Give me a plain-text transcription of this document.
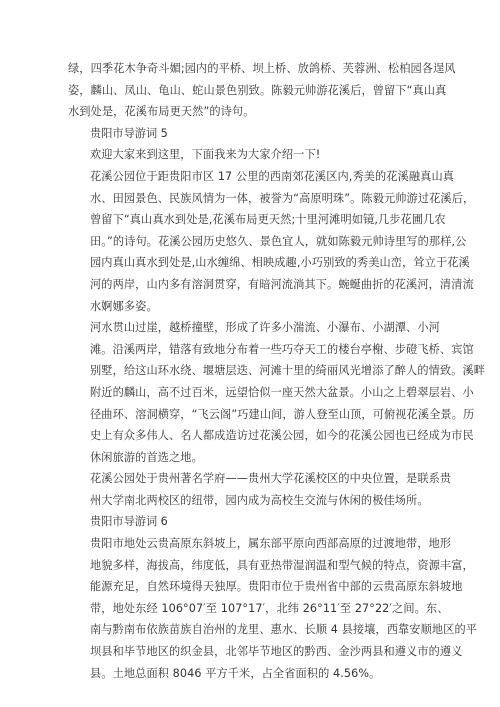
绿，四季花木争奇斗媚;园内的平桥、坝上桥、放鸽桥、芙蓉洲、松柏园各逞风
姿，麟山、凤山、龟山、蛇山景色别致。陈毅元帅游花溪后，曾留下“真山真
水到处是，花溪布局更天然”的诗句。
贵阳市导游词 5
欢迎大家来到这里，下面我来为大家介绍一下!
花溪公园位于距贵阳市区 17 公里的西南郊花溪区内,秀美的花溪融真山真
水、田园景色、民族风情为一体，被誉为“高原明珠”。陈毅元帅游过花溪后，
曾留下“真山真水到处是,花溪布局更天然;十里河滩明如镜,几步花圃几农
田。”的诗句。花溪公园历史悠久、景色宜人，就如陈毅元帅诗里写的那样,公
园内真山真水到处是,山水缠绵、相映成趣,小巧别致的秀美山峦，耸立于花溪
河的两岸，山内多有溶洞贯穿，有暗河流淌其下。蜿蜒曲折的花溪河，清清流
水婀娜多姿。
河水贯山过崖，越桥撞壁，形成了许多小湍流、小瀑布、小湖潭、小河
滩。沿溪两岸，错落有致地分布着一些巧夺天工的楼台亭榭、步磴飞桥、宾馆
别墅，给这山环水绕、堰塘层迭、河滩十里的绮丽风光增添了醉人的情致。溪畔
附近的麟山，高不过百米，远望恰似一座天然大盆景。小山之上碧翠层岩、小
径曲环、溶洞横穿，“飞云阁”巧建山间，游人登至山顶，可俯视花溪全景。历
史上有众多伟人、名人都成造访过花溪公园，如今的花溪公园也已经成为市民
休闲旅游的首选之地。
花溪公园处于贵州著名学府——贵州大学花溪校区的中央位置，是联系贵
州大学南北两校区的纽带，园内成为高校生交流与休闲的极佳场所。
贵阳市导游词 6
贵阳市地处云贵高原东斜坡上，属东部平原向西部高原的过渡地带，地形
地貌多样，海拔高，纬度低，具有亚热带湿润温和型气候的特点，资源丰富，
能源充足，自然环境得天独厚。贵阳市位于贵州省中部的云贵高原东斜坡地
带，地处东经 106°07′至 107°17′，北纬 26°11′至 27°22′之间。东、
南与黔南布依族苗族自治州的龙里、惠水、长顺 4 县接壤，西靠安顺地区的平
坝县和毕节地区的织金县，北邻毕节地区的黔西、金沙两县和遵义市的遵义
县。土地总面积 8046 平方千米，占全省面积的 4.56%。
